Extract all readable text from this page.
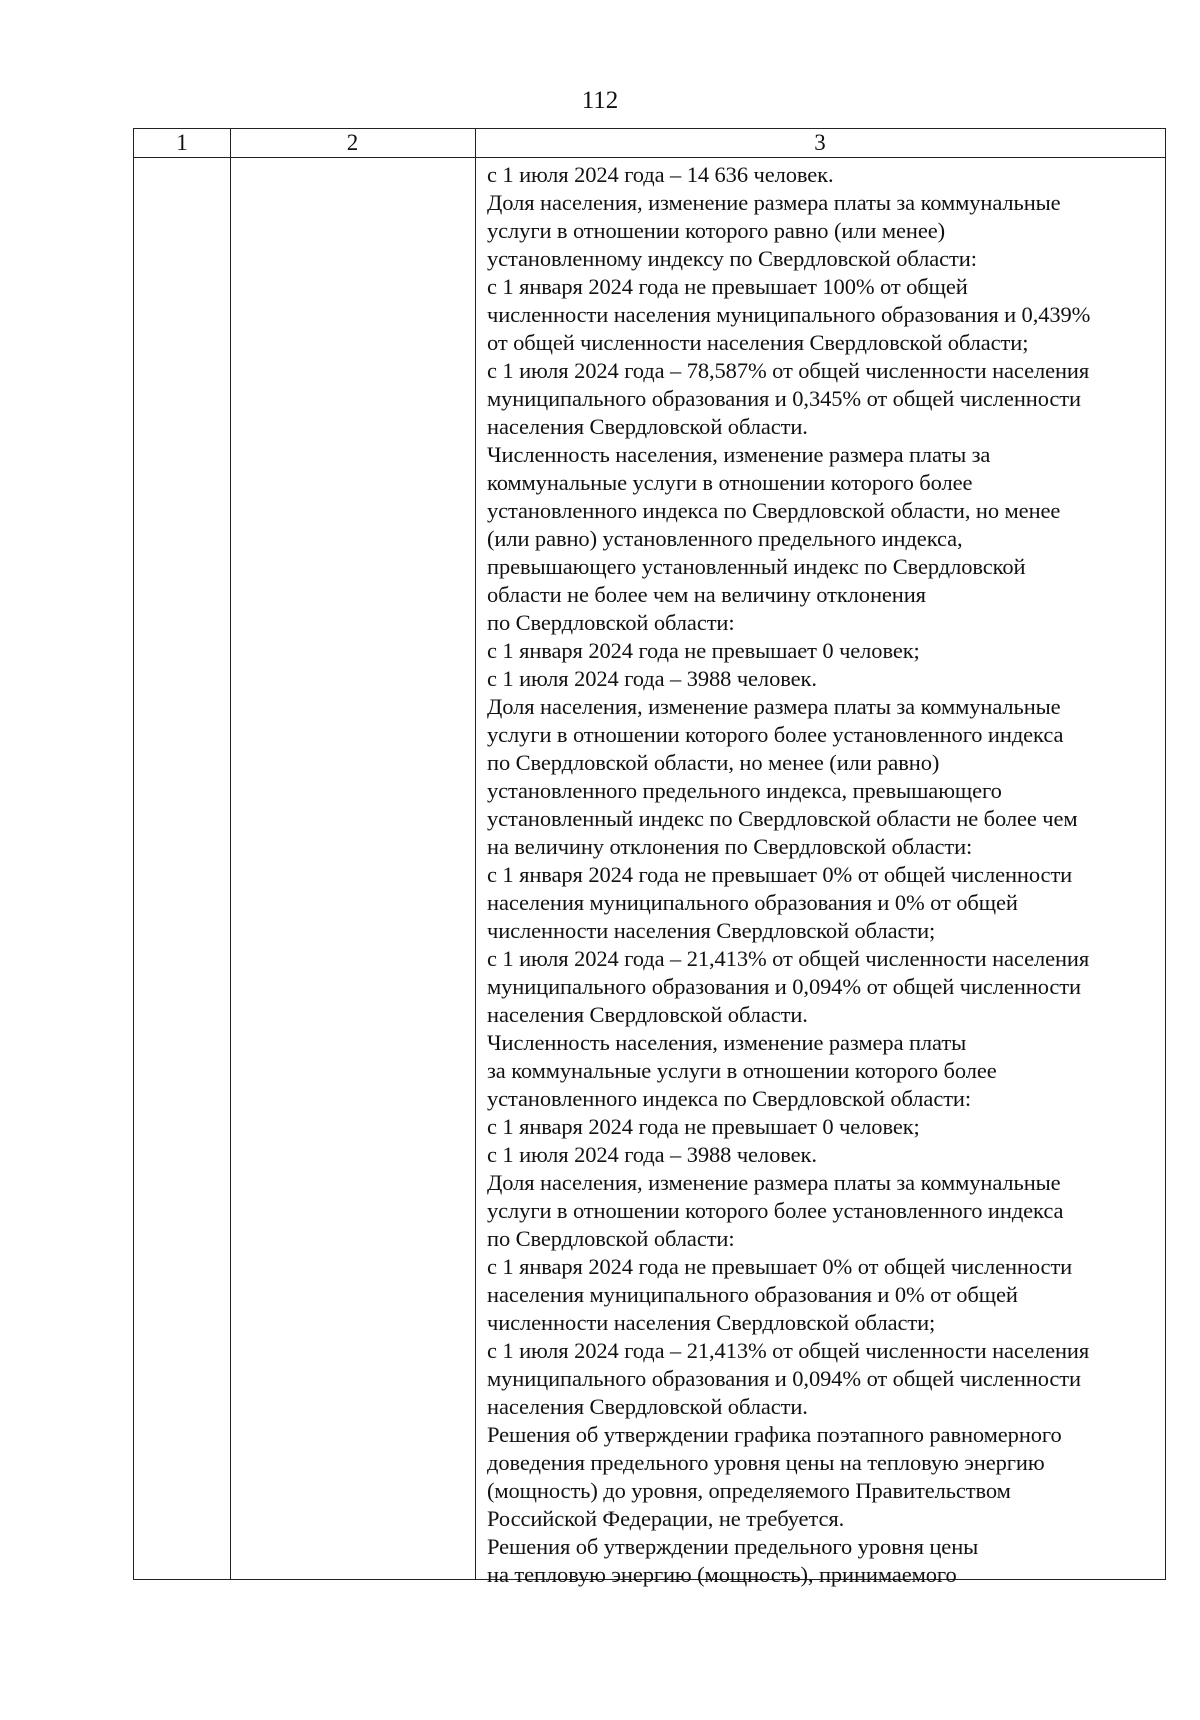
112
1	2	3
с 1 июля 2024 года – 14 636 человек.
Доля населения, изменение размера платы за коммунальные
услуги в отношении которого равно (или менее)
установленному индексу по Свердловской области:
с 1 января 2024 года не превышает 100% от общей
численности населения муниципального образования и 0,439%
от общей численности населения Свердловской области;
с 1 июля 2024 года – 78,587% от общей численности населения
муниципального образования и 0,345% от общей численности
населения Свердловской области.
Численность населения, изменение размера платы за
коммунальные услуги в отношении которого более
установленного индекса по Свердловской области, но менее
(или равно) установленного предельного индекса,
превышающего установленный индекс по Свердловской
области не более чем на величину отклонения
по Свердловской области:
с 1 января 2024 года не превышает 0 человек;
с 1 июля 2024 года – 3988 человек.
Доля населения, изменение размера платы за коммунальные
услуги в отношении которого более установленного индекса
по Свердловской области, но менее (или равно)
установленного предельного индекса, превышающего
установленный индекс по Свердловской области не более чем
на величину отклонения по Свердловской области:
с 1 января 2024 года не превышает 0% от общей численности
населения муниципального образования и 0% от общей
численности населения Свердловской области;
с 1 июля 2024 года – 21,413% от общей численности населения
муниципального образования и 0,094% от общей численности
населения Свердловской области.
Численность населения, изменение размера платы
за коммунальные услуги в отношении которого более
установленного индекса по Свердловской области:
с 1 января 2024 года не превышает 0 человек;
с 1 июля 2024 года – 3988 человек.
Доля населения, изменение размера платы за коммунальные
услуги в отношении которого более установленного индекса
по Свердловской области:
с 1 января 2024 года не превышает 0% от общей численности
населения муниципального образования и 0% от общей
численности населения Свердловской области;
с 1 июля 2024 года – 21,413% от общей численности населения
муниципального образования и 0,094% от общей численности
населения Свердловской области.
Решения об утверждении графика поэтапного равномерного
доведения предельного уровня цены на тепловую энергию
(мощность) до уровня, определяемого Правительством
Российской Федерации, не требуется.
Решения об утверждении предельного уровня цены
на тепловую энергию (мощность), принимаемого
